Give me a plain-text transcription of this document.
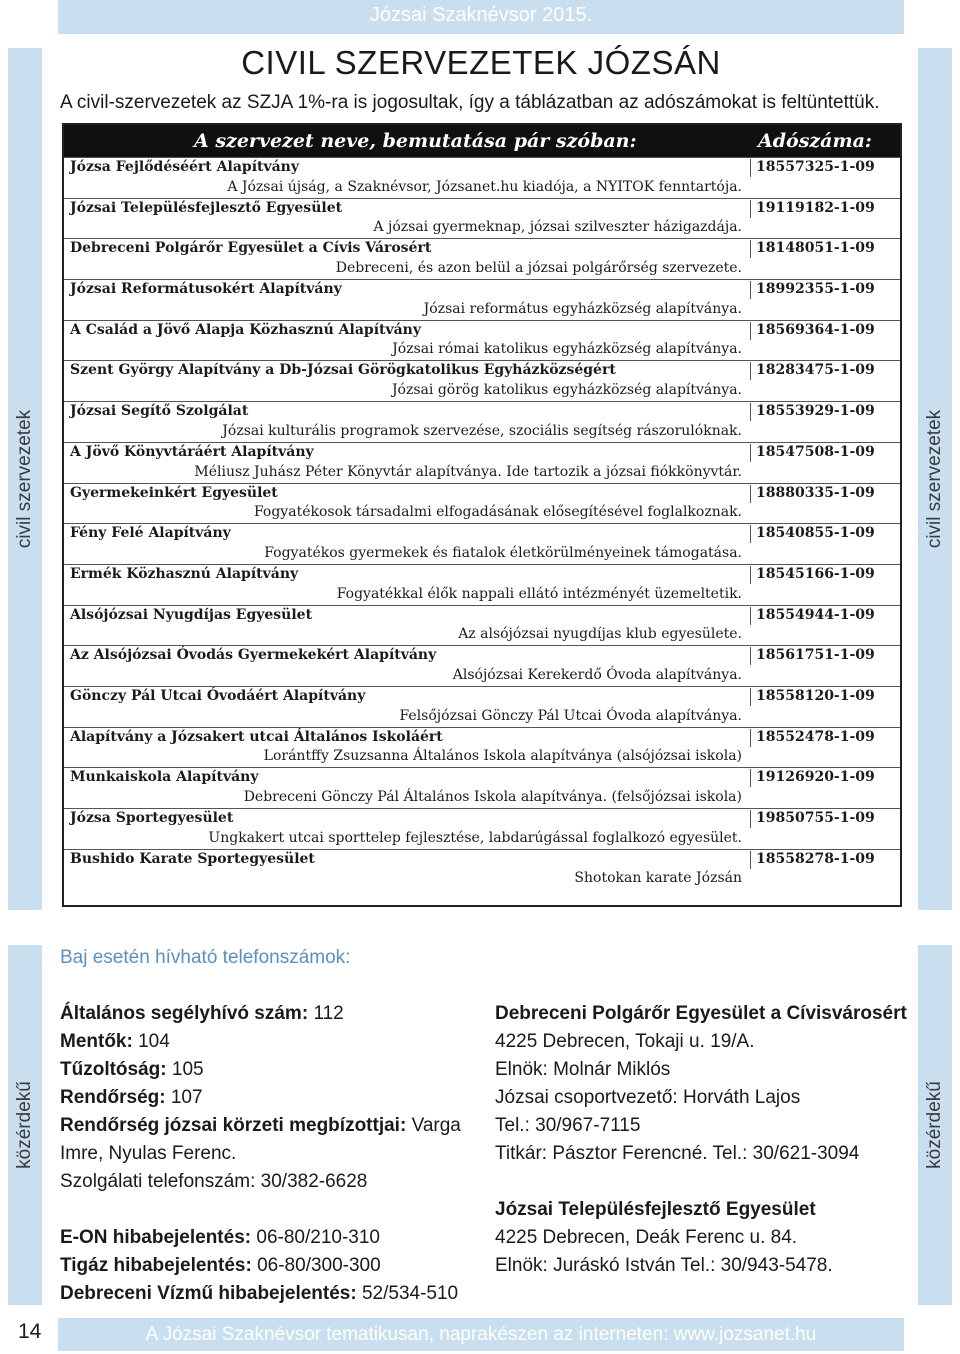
Józsai Szaknévsor 2015.
civil szervezetek	civil szervezetek
közérdekű	közérdekű
CIVIL SZERVEZETEK JÓZSÁN
A civil-szervezetek az SZJA 1%-ra is jogosultak, így a táblázatban az adószámokat is feltüntettük.
A szervezet neve, bemutatása pár szóban:	Adószáma:
Józsa Fejlődéséért Alapítvány	18557325-1-09
A Józsai újság, a Szaknévsor, Józsanet.hu kiadója, a NYITOK fenntartója.
Józsai Településfejlesztő Egyesület	19119182-1-09
A józsai gyermeknap, józsai szilveszter házigazdája.
Debreceni Polgárőr Egyesület a Cívis Városért	18148051-1-09
Debreceni, és azon belül a józsai polgárőrség szervezete.
Józsai Reformátusokért Alapítvány	18992355-1-09
Józsai református egyházközség alapítványa.
A Család a Jövő Alapja Közhasznú Alapítvány	18569364-1-09
Józsai római katolikus egyházközség alapítványa.
Szent György Alapítvány a Db-Józsai Görögkatolikus Egyházközségért	18283475-1-09
Józsai görög katolikus egyházközség alapítványa.
Józsai Segítő Szolgálat	18553929-1-09
Józsai kulturális programok szervezése, szociális segítség rászorulóknak.
A Jövő Könyvtáráért Alapítvány	18547508-1-09
Méliusz Juhász Péter Könyvtár alapítványa. Ide tartozik a józsai fiókkönyvtár.
Gyermekeinkért Egyesület	18880335-1-09
Fogyatékosok társadalmi elfogadásának elősegítésével foglalkoznak.
Fény Felé Alapítvány	18540855-1-09
Fogyatékos gyermekek és fiatalok életkörülményeinek támogatása.
Ermék Közhasznú Alapítvány	18545166-1-09
Fogyatékkal élők nappali ellátó intézményét üzemeltetik.
Alsójózsai Nyugdíjas Egyesület	18554944-1-09
Az alsójózsai nyugdíjas klub egyesülete.
Az Alsójózsai Óvodás Gyermekekért Alapítvány	18561751-1-09
Alsójózsai Kerekerdő Óvoda alapítványa.
Gönczy Pál Utcai Óvodáért Alapítvány	18558120-1-09
Felsőjózsai Gönczy Pál Utcai Óvoda alapítványa.
Alapítvány a Józsakert utcai Általános Iskoláért	18552478-1-09
Lorántffy Zsuzsanna Általános Iskola alapítványa (alsójózsai iskola)
Munkaiskola Alapítvány	19126920-1-09
Debreceni Gönczy Pál Általános Iskola alapítványa. (felsőjózsai iskola)
Józsa Sportegyesület	19850755-1-09
Ungkakert utcai sporttelep fejlesztése, labdarúgással foglalkozó egyesület.
Bushido Karate Sportegyesület	18558278-1-09
Shotokan karate Józsán
Baj esetén hívható telefonszámok:
Általános segélyhívó szám: 112
Mentők: 104
Tűzoltóság: 105
Rendőrség: 107
Rendőrség józsai körzeti megbízottjai: Varga
Imre, Nyulas Ferenc.
Szolgálati telefonszám: 30/382-6628
E-ON hibabejelentés: 06-80/210-310
Tigáz hibabejelentés: 06-80/300-300
Debreceni Vízmű hibabejelentés: 52/534-510
Debreceni Polgárőr Egyesület a Cívisvárosért
4225 Debrecen, Tokaji u. 19/A.
Elnök: Molnár Miklós
Józsai csoportvezető: Horváth Lajos
Tel.: 30/967-7115
Titkár: Pásztor Ferencné. Tel.: 30/621-3094
Józsai Településfejlesztő Egyesület
4225 Debrecen, Deák Ferenc u. 84.
Elnök: Juráskó István Tel.: 30/943-5478.
14	A Józsai Szaknévsor tematikusan, naprakészen az interneten: www.jozsanet.hu
